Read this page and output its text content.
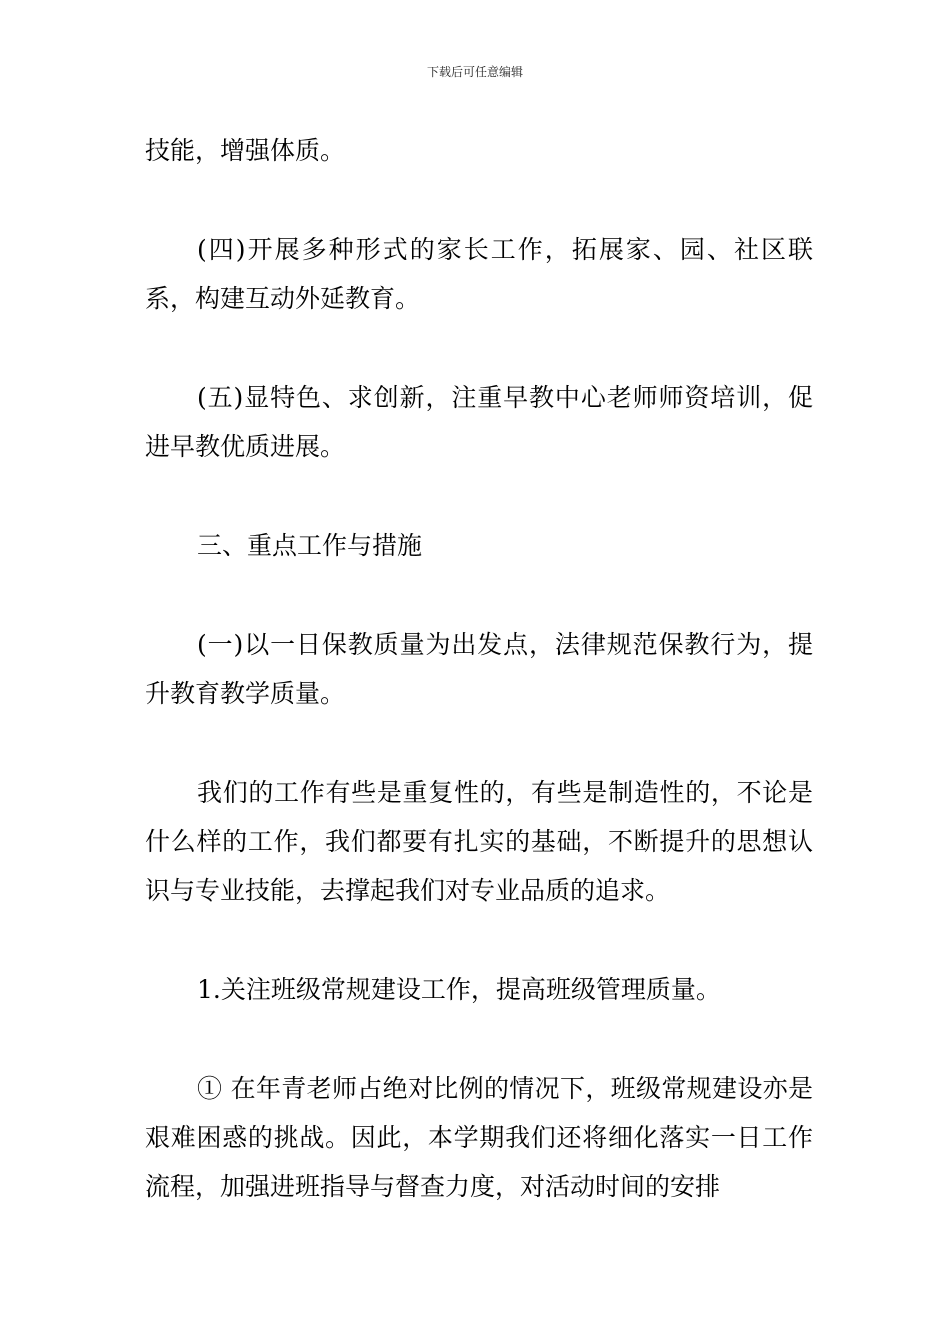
下载后可任意编辑

技能，增强体质。

(四)开展多种形式的家长工作，拓展家、园、社区联系，构建互动外延教育。

(五)显特色、求创新，注重早教中心老师师资培训，促进早教优质进展。

三、重点工作与措施

(一)以一日保教质量为出发点，法律规范保教行为，提升教育教学质量。

我们的工作有些是重复性的，有些是制造性的，不论是什么样的工作，我们都要有扎实的基础，不断提升的思想认识与专业技能，去撑起我们对专业品质的追求。

1.关注班级常规建设工作，提高班级管理质量。

① 在年青老师占绝对比例的情况下，班级常规建设亦是艰难困惑的挑战。因此，本学期我们还将细化落实一日工作流程，加强进班指导与督查力度，对活动时间的安排
